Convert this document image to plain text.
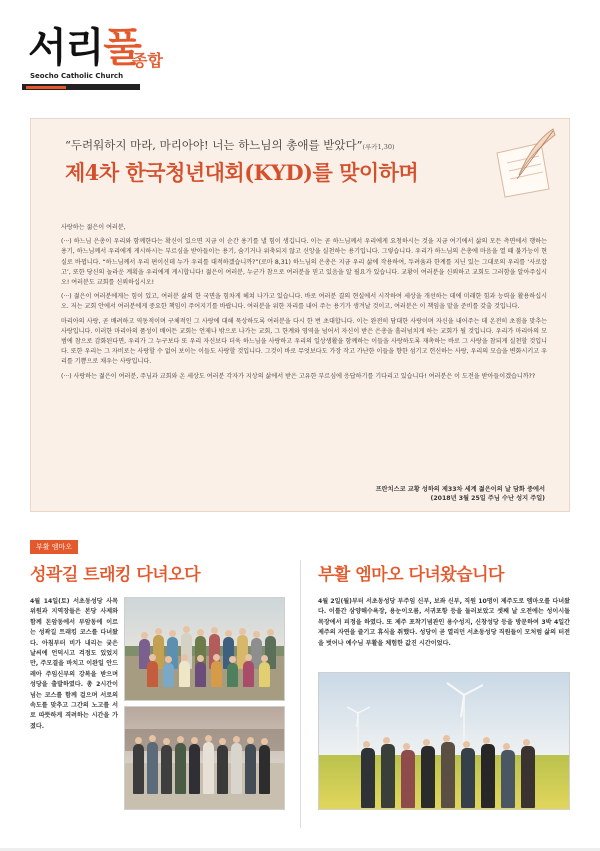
서리풀
Seocho Catholic Church
종합
“두려워하지 마라, 마리아야! 너는 하느님의 총애를 받았다”(루카1,30)
제4차 한국청년대회(KYD)를 맞이하며

사랑하는 젊은이 여러분,

(···) 하느님 은총이 우리와 함께한다는 확신이 있으면 지금 이 순간 용기를 낼 힘이 생깁니다. 이는 곧 하느님께서 우리에게 요청하시는 것을 지금 여기에서 삶의 모든 측면에서 행하는 용기, 하느님께서 우리에게 게시하시는 부르심을 받아들이는 용기, 숨기거나 위축되지 않고 신앙을 실천하는 용기입니다. 그렇습니다. 우리가 하느님의 은총에 마음을 열 때 불가능이 현실로 바뀝니다. “하느님께서 우리 편이신데 누가 우리를 대적하겠습니까?”(로마 8,31) 하느님의 은총은 지금 우리 삶에 작용하여, 두려움과 한계를 지닌 있는 그대로의 우리를 ‘사로잡고’, 또한 당신의 놀라운 계획을 우리에게 게시합니다! 젊은이 여러분, 누군가 참으로 여러분을 믿고 있음을 알 필요가 있습니다. 교황이 여러분을 신뢰하고 교회도 그러함을 알아주십시오! 여러분도 교회를 신뢰하십시오!

(···) 젊은이 여러분에게는 힘이 있고, 여러분 삶의 한 국면을 힘차게 헤쳐 나가고 있습니다. 바로 여러분 결의 현실에서 시작하여 세상을 개선하는 데에 미래한 힘과 능력을 활용하십시오. 저는 교회 안에서 여러분에게 중요한 책임이 주어지기를 바랍니다. 여러분을 위한 자리를 내어 주는 용기가 생겨날 것이고, 여러분은 이 책임을 맡을 준비를 갖출 것입니다.

마리아의 사랑, 곧 배려하고 역동적이며 구체적인 그 사랑에 대해 묵상하도록 여러분을 다시 한 번 초대합니다. 이는 완전히 담대한 사랑이며 자신을 내어주는 데 온전히 초점을 맞추는 사랑입니다. 이러한 마리아의 품성이 배어든 교회는 언제나 밖으로 나가는 교회, 그 한계와 영역을 넘어서 자신이 받은 은총을 흘러넘치게 하는 교회가 될 것입니다. 우리가 마리아의 모범에 참으로 감화된다면, 우리가 그 누구보다 또 우리 자신보다 더욱 하느님을 사랑하고 우리의 일상생활을 함께하는 이들을 사랑하도록 재촉하는 바로 그 사랑을 참되게 실천할 것입니다. 또한 우리는 그 자비로는 사랑할 수 없어 보이는 이들도 사랑할 것입니다. 그것이 바로 무엇보다도 가장 작고 가난한 이들을 향한 섬기고 헌신하는 사랑, 우리의 모습을 변화시키고 우리를 기쁨으로 채우는 사랑입니다.

(···) 사랑하는 젊은이 여러분, 주님과 교회와 온 세상도 여러분 각자가 지상의 삶에서 받은 고유한 부르심에 응답하기를 기다리고 있습니다! 여러분은 이 도전을 받아들이겠습니까??

프란치스코 교황 성하의 제33차 세계 젊은이의 날 담화 중에서
(2018년 3월 25일 주님 수난 성지 주일)
부활 엠마오
성곽길 트래킹 다녀오다
4월 14일(토) 서초동성당 사목위원과 지역장들은 본당 사제와 함께 돈암동에서 부암동에 이르는 성곽길 트래킹 코스를 다녀왔다. 아침부터 비가 내리는 궂은 날씨에 언덕시고 걱정도 있었지만, 주모결을 바치고 이완일 안드레아 주임신부의 강복을 받으며 성당을 출발하였다. 총 2시간이 넘는 코스를 함께 걸으며 서로의 속도를 맞추고 그간의 노고를 서로 따뜻하게 격려하는 시간을 가졌다.
부활 엠마오 다녀왔습니다
4월 2일(월)부터 서초동성당 부주임 신부, 보좌 신부, 직원 10명이 제주도로 엠마오를 다녀왔다. 이틀간 삼양해수욕장, 용눈이오름, 서귀포항 등을 둘러보았고 셋째 날 오전에는 성이시돌 목장에서 피정을 하였다. 또 제주 포착기념관인 용수성지, 신창성당 등을 방문하여 3박 4일간 제주의 자연을 즐기고 휴식을 취했다. 성당이 곧 열리던 서초동성당 직원들이 모처럼 삶의 터전을 벗어나 예수님 부활을 체험한 값진 시간이었다.
